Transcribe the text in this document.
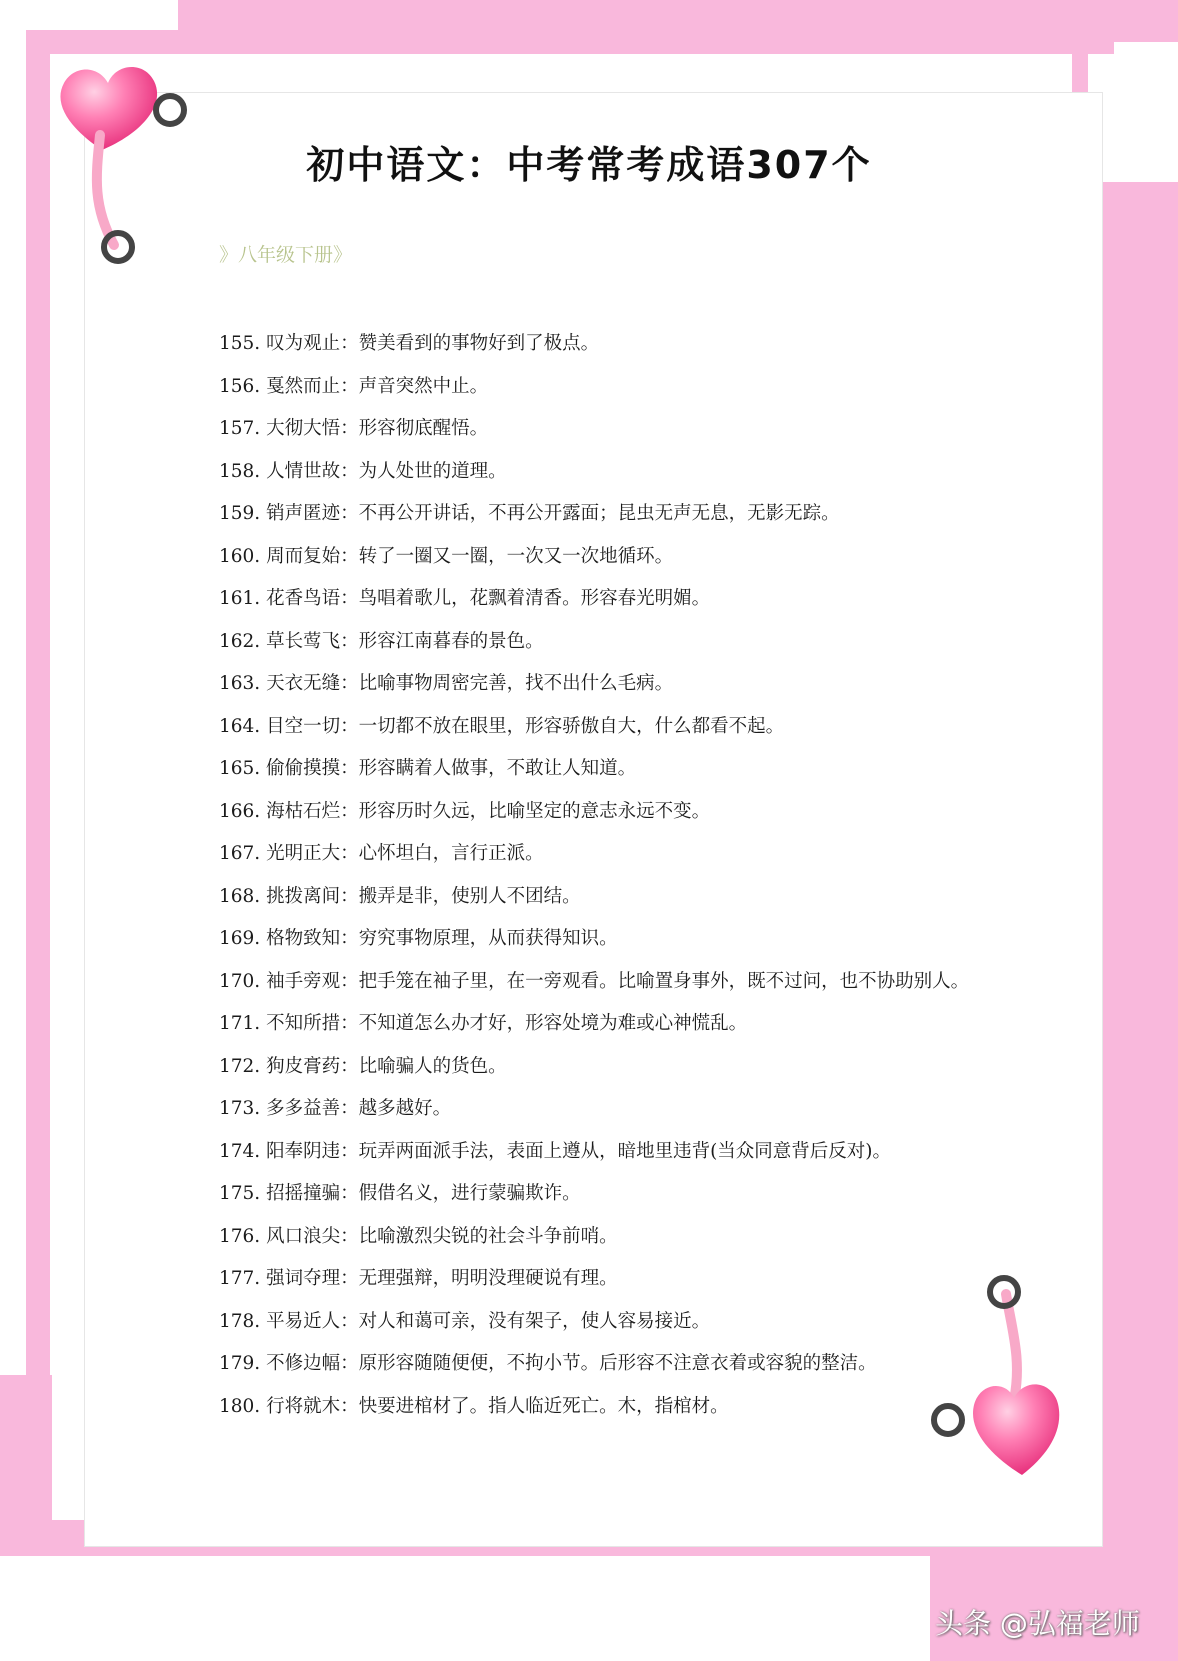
初中语文：中考常考成语307个
》八年级下册》
155. 叹为观止：赞美看到的事物好到了极点。
156. 戛然而止：声音突然中止。
157. 大彻大悟：形容彻底醒悟。
158. 人情世故：为人处世的道理。
159. 销声匿迹：不再公开讲话，不再公开露面；昆虫无声无息，无影无踪。
160. 周而复始：转了一圈又一圈，一次又一次地循环。
161. 花香鸟语：鸟唱着歌儿，花飘着清香。形容春光明媚。
162. 草长莺飞：形容江南暮春的景色。
163. 天衣无缝：比喻事物周密完善，找不出什么毛病。
164. 目空一切：一切都不放在眼里，形容骄傲自大，什么都看不起。
165. 偷偷摸摸：形容瞒着人做事，不敢让人知道。
166. 海枯石烂：形容历时久远，比喻坚定的意志永远不变。
167. 光明正大：心怀坦白，言行正派。
168. 挑拨离间：搬弄是非，使别人不团结。
169. 格物致知：穷究事物原理，从而获得知识。
170. 袖手旁观：把手笼在袖子里，在一旁观看。比喻置身事外，既不过问，也不协助别人。
171. 不知所措：不知道怎么办才好，形容处境为难或心神慌乱。
172. 狗皮膏药：比喻骗人的货色。
173. 多多益善：越多越好。
174. 阳奉阴违：玩弄两面派手法，表面上遵从，暗地里违背(当众同意背后反对)。
175. 招摇撞骗：假借名义，进行蒙骗欺诈。
176. 风口浪尖：比喻激烈尖锐的社会斗争前哨。
177. 强词夺理：无理强辩，明明没理硬说有理。
178. 平易近人：对人和蔼可亲，没有架子，使人容易接近。
179. 不修边幅：原形容随随便便，不拘小节。后形容不注意衣着或容貌的整洁。
180. 行将就木：快要进棺材了。指人临近死亡。木，指棺材。
头条 @弘福老师
